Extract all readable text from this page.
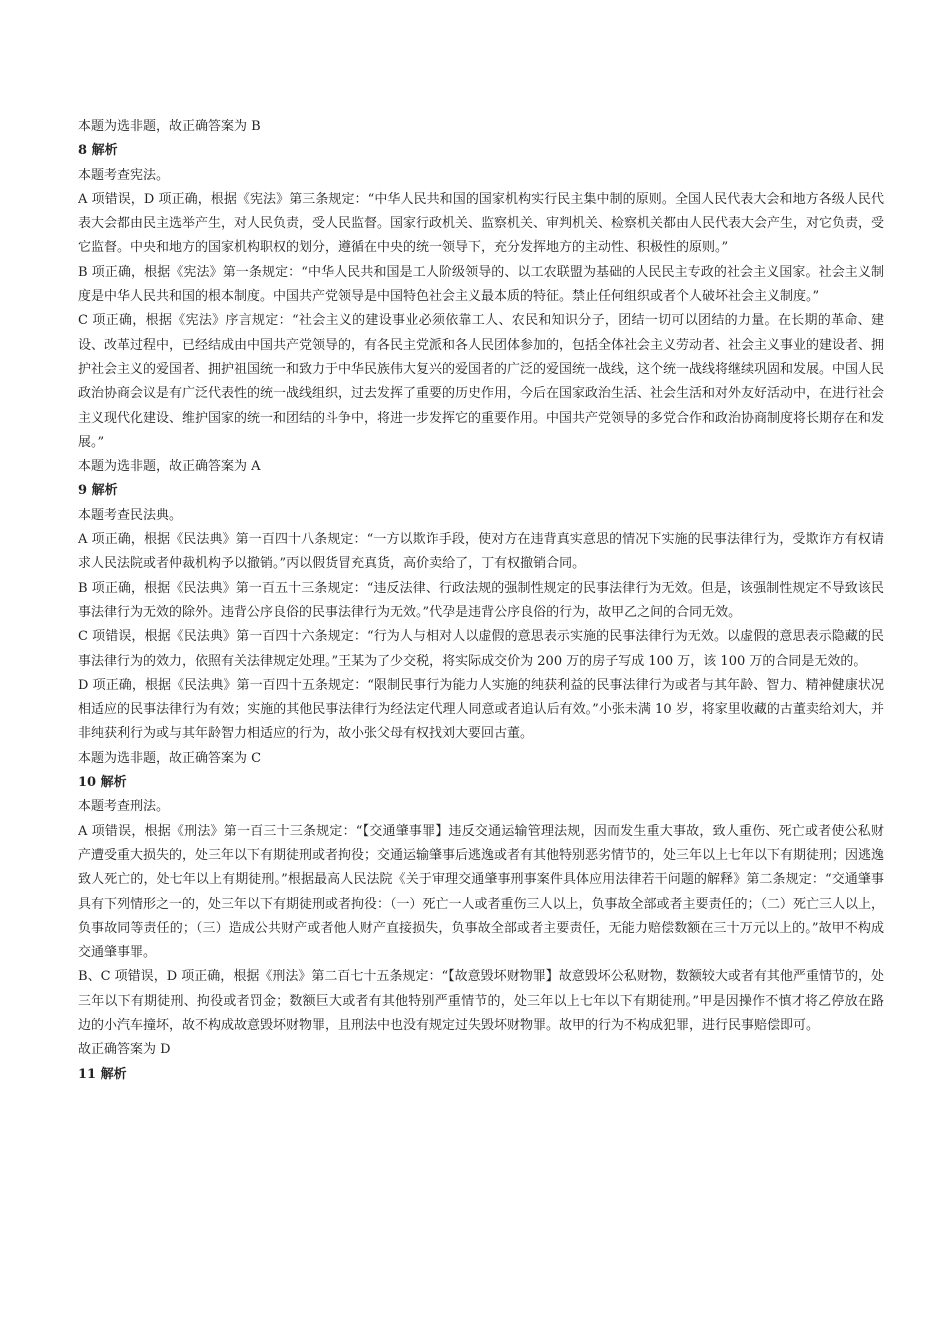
本题为选非题，故正确答案为 B

8 解析

本题考查宪法。

A 项错误，D 项正确，根据《宪法》第三条规定：“中华人民共和国的国家机构实行民主集中制的原则。全国人民代表大会和地方各级人民代表大会都由民主选举产生，对人民负责，受人民监督。国家行政机关、监察机关、审判机关、检察机关都由人民代表大会产生，对它负责，受它监督。中央和地方的国家机构职权的划分，遵循在中央的统一领导下，充分发挥地方的主动性、积极性的原则。”

B 项正确，根据《宪法》第一条规定：“中华人民共和国是工人阶级领导的、以工农联盟为基础的人民民主专政的社会主义国家。社会主义制度是中华人民共和国的根本制度。中国共产党领导是中国特色社会主义最本质的特征。禁止任何组织或者个人破坏社会主义制度。”

C 项正确，根据《宪法》序言规定：“社会主义的建设事业必须依靠工人、农民和知识分子，团结一切可以团结的力量。在长期的革命、建设、改革过程中，已经结成由中国共产党领导的，有各民主党派和各人民团体参加的，包括全体社会主义劳动者、社会主义事业的建设者、拥护社会主义的爱国者、拥护祖国统一和致力于中华民族伟大复兴的爱国者的广泛的爱国统一战线，这个统一战线将继续巩固和发展。中国人民政治协商会议是有广泛代表性的统一战线组织，过去发挥了重要的历史作用，今后在国家政治生活、社会生活和对外友好活动中，在进行社会主义现代化建设、维护国家的统一和团结的斗争中，将进一步发挥它的重要作用。中国共产党领导的多党合作和政治协商制度将长期存在和发展。”

本题为选非题，故正确答案为 A

9 解析

本题考查民法典。

A 项正确，根据《民法典》第一百四十八条规定：“一方以欺诈手段，使对方在违背真实意思的情况下实施的民事法律行为，受欺诈方有权请求人民法院或者仲裁机构予以撤销。”丙以假货冒充真货，高价卖给了，丁有权撤销合同。

B 项正确，根据《民法典》第一百五十三条规定：“违反法律、行政法规的强制性规定的民事法律行为无效。但是，该强制性规定不导致该民事法律行为无效的除外。违背公序良俗的民事法律行为无效。”代孕是违背公序良俗的行为，故甲乙之间的合同无效。

C 项错误，根据《民法典》第一百四十六条规定：“行为人与相对人以虚假的意思表示实施的民事法律行为无效。以虚假的意思表示隐藏的民事法律行为的效力，依照有关法律规定处理。”王某为了少交税，将实际成交价为 200 万的房子写成 100 万，该 100 万的合同是无效的。

D 项正确，根据《民法典》第一百四十五条规定：“限制民事行为能力人实施的纯获利益的民事法律行为或者与其年龄、智力、精神健康状况相适应的民事法律行为有效；实施的其他民事法律行为经法定代理人同意或者追认后有效。”小张未满 10 岁，将家里收藏的古董卖给刘大，并非纯获利行为或与其年龄智力相适应的行为，故小张父母有权找刘大要回古董。

本题为选非题，故正确答案为 C

10 解析

本题考查刑法。

A 项错误，根据《刑法》第一百三十三条规定：“【交通肇事罪】违反交通运输管理法规，因而发生重大事故，致人重伤、死亡或者使公私财产遭受重大损失的，处三年以下有期徒刑或者拘役；交通运输肇事后逃逸或者有其他特别恶劣情节的，处三年以上七年以下有期徒刑；因逃逸致人死亡的，处七年以上有期徒刑。”根据最高人民法院《关于审理交通肇事刑事案件具体应用法律若干问题的解释》第二条规定：“交通肇事具有下列情形之一的，处三年以下有期徒刑或者拘役：（一）死亡一人或者重伤三人以上，负事故全部或者主要责任的；（二）死亡三人以上，负事故同等责任的；（三）造成公共财产或者他人财产直接损失，负事故全部或者主要责任，无能力赔偿数额在三十万元以上的。”故甲不构成交通肇事罪。

B、C 项错误，D 项正确，根据《刑法》第二百七十五条规定：“【故意毁坏财物罪】故意毁坏公私财物，数额较大或者有其他严重情节的，处三年以下有期徒刑、拘役或者罚金；数额巨大或者有其他特别严重情节的，处三年以上七年以下有期徒刑。”甲是因操作不慎才将乙停放在路边的小汽车撞坏，故不构成故意毁坏财物罪，且刑法中也没有规定过失毁坏财物罪。故甲的行为不构成犯罪，进行民事赔偿即可。

故正确答案为 D

11 解析
